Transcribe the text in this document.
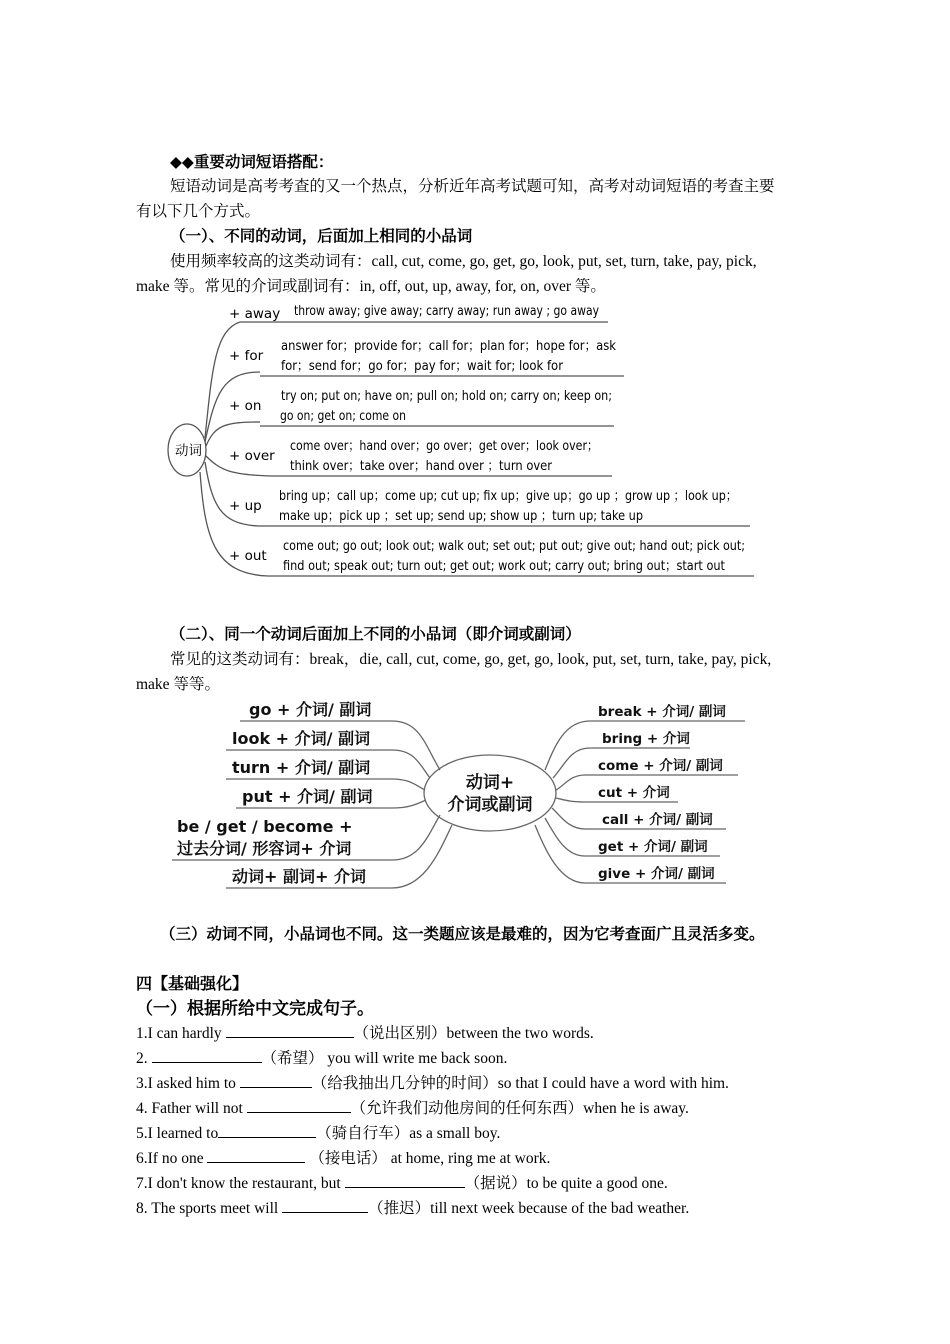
◆◆重要动词短语搭配：
短语动词是高考考查的又一个热点，分析近年高考试题可知，高考对动词短语的考查主要
有以下几个方式。
（一）、不同的动词，后面加上相同的小品词
使用频率较高的这类动词有：call, cut, come, go, get, go, look, put, set, turn, take, pay, pick,
make 等。常见的介词或副词有：in, off, out, up, away, for, on, over 等。
动词
+ away
+ for
+ on
+ over
+ up
+ out
throw away; give away; carry away; run away ; go away
answer for；provide for；call for；plan for；hope for；ask
for；send for；go for；pay for；wait for; look for
try on; put on; have on; pull on; hold on; carry on; keep on;
go on; get on; come on
come over；hand over；go over；get over；look over；
think over；take over；hand over ；turn over
bring up；call up；come up; cut up; fix up；give up；go up ；grow up ；look up；
make up；pick up ；set up; send up; show up ；turn up; take up
come out; go out; look out; walk out; set out; put out; give out; hand out; pick out;
find out; speak out; turn out; get out; work out; carry out; bring out；start out
（二）、同一个动词后面加上不同的小品词（即介词或副词）
常见的这类动词有：break，die, call, cut, come, go, get, go, look, put, set, turn, take, pay, pick,
make 等等。
动词+
介词或副词
go + 介词/ 副词
look + 介词/ 副词
turn + 介词/ 副词
put + 介词/ 副词
be / get / become +
过去分词/ 形容词+ 介词
动词+ 副词+ 介词
break + 介词/ 副词
bring + 介词
come + 介词/ 副词
cut + 介词
call + 介词/ 副词
get + 介词/ 副词
give + 介词/ 副词
（三）动词不同，小品词也不同。这一类题应该是最难的，因为它考查面广且灵活多变。
四【基础强化】
（一）根据所给中文完成句子。
1.I can hardly	（说出区别）between the two words.
2.	（希望） you will write me back soon.
3.I asked him to	（给我抽出几分钟的时间）so that I could have a word with him.
4. Father will not	（允许我们动他房间的任何东西）when he is away.
5.I learned to	（骑自行车）as a small boy.
6.If no one	（接电话） at home, ring me at work.
7.I don't know the restaurant, but	（据说）to be quite a good one.
8. The sports meet will	（推迟）till next week because of the bad weather.
